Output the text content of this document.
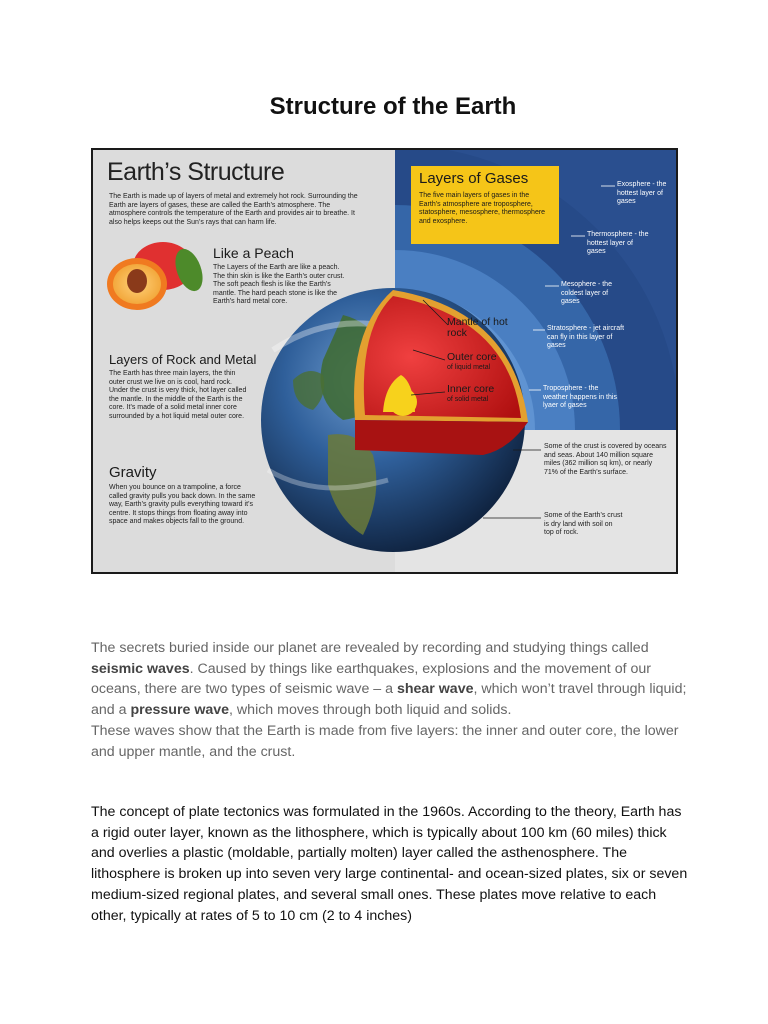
Structure of the Earth
Earth’s Structure
The Earth is made up of layers of metal and extremely hot rock. Surrounding the Earth are layers of gases, these are called the Earth’s atmosphere. The atmosphere controls the temperature of the Earth and provides air to breathe. It also helps keeps out the Sun’s rays that can harm life.
Like a Peach
The Layers of the Earth are like a peach. The thin skin is like the Earth’s outer crust. The soft peach flesh is like the Earth’s mantle. The hard peach stone is like the Earth’s hard metal core.
Layers of Rock and Metal
The Earth has three main layers, the thin outer crust we live on is cool, hard rock. Under the crust is very thick, hot layer called the mantle. In the middle of the Earth is the core. It’s made of a solid metal inner core surrounded by a hot liquid metal outer core.
Gravity
When you bounce on a trampoline, a force called gravity pulls you back down. In the same way, Earth’s gravity pulls everything toward it’s centre. It stops things from floating away into space and makes objects fall to the ground.
Layers of Gases
The five main layers of gases in the Earth’s atmosphere are troposphere, statosphere, mesosphere, thermosphere and exosphere.
Exosphere - the hottest layer of gases
Thermosphere - the hottest layer of gases
Mesophere - the coldest layer of gases
Stratosphere - jet aircraft can fly in this layer of gases
Troposphere - the weather happens in this lyaer of gases
Mantle of hot rock
Outer core
of liquid metal
Inner core
of solid metal
Some of the crust is covered by oceans and seas. About 140 million square miles (362 million sq km), or nearly 71% of the Earth’s surface.
Some of the Earth’s crust is dry land with soil on top of rock.
The secrets buried inside our planet are revealed by recording and studying things called seismic waves. Caused by things like earthquakes, explosions and the movement of our oceans, there are two types of seismic wave – a shear wave, which won’t travel through liquid; and a pressure wave, which moves through both liquid and solids.
These waves show that the Earth is made from five layers: the inner and outer core, the lower and upper mantle, and the crust.
The concept of plate tectonics was formulated in the 1960s. According to the theory, Earth has a rigid outer layer, known as the lithosphere, which is typically about 100 km (60 miles) thick and overlies a plastic (moldable, partially molten) layer called the asthenosphere. The lithosphere is broken up into seven very large continental- and ocean-sized plates, six or seven medium-sized regional plates, and several small ones. These plates move relative to each other, typically at rates of 5 to 10 cm (2 to 4 inches)
